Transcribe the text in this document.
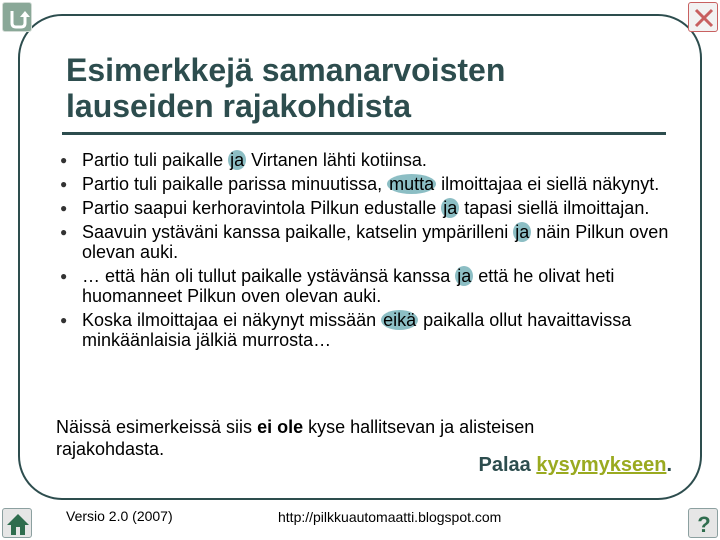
Esimerkkejä samanarvoisten
lauseiden rajakohdista
● Partio tuli paikalle ja Virtanen lähti kotiinsa.
● Partio tuli paikalle parissa minuutissa, mutta ilmoittajaa ei siellä näkynyt.
● Partio saapui kerhoravintola Pilkun edustalle ja tapasi siellä ilmoittajan.
● Saavuin ystäväni kanssa paikalle, katselin ympärilleni ja näin Pilkun oven olevan auki.
● … että hän oli tullut paikalle ystävänsä kanssa ja että he olivat heti huomanneet Pilkun oven olevan auki.
● Koska ilmoittajaa ei näkynyt missään eikä paikalla ollut havaittavissa minkäänlaisia jälkiä murrosta…
Näissä esimerkeissä siis ei ole kyse hallitsevan ja alisteisen rajakohdasta.
Palaa kysymykseen.
Versio 2.0 (2007)	http://pilkkuautomaatti.blogspot.com	?
